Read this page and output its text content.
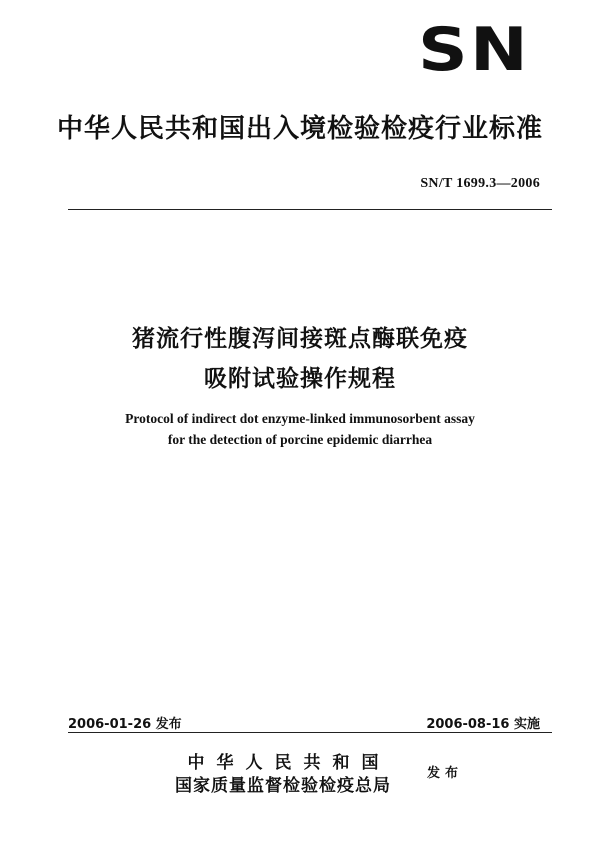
SN
中华人民共和国出入境检验检疫行业标准
SN/T 1699.3—2006
猪流行性腹泻间接斑点酶联免疫
吸附试验操作规程
Protocol of indirect dot enzyme-linked immunosorbent assay
for the detection of porcine epidemic diarrhea
2006-01-26 发布	2006-08-16 实施
中华人民共和国
国家质量监督检验检疫总局
发布
